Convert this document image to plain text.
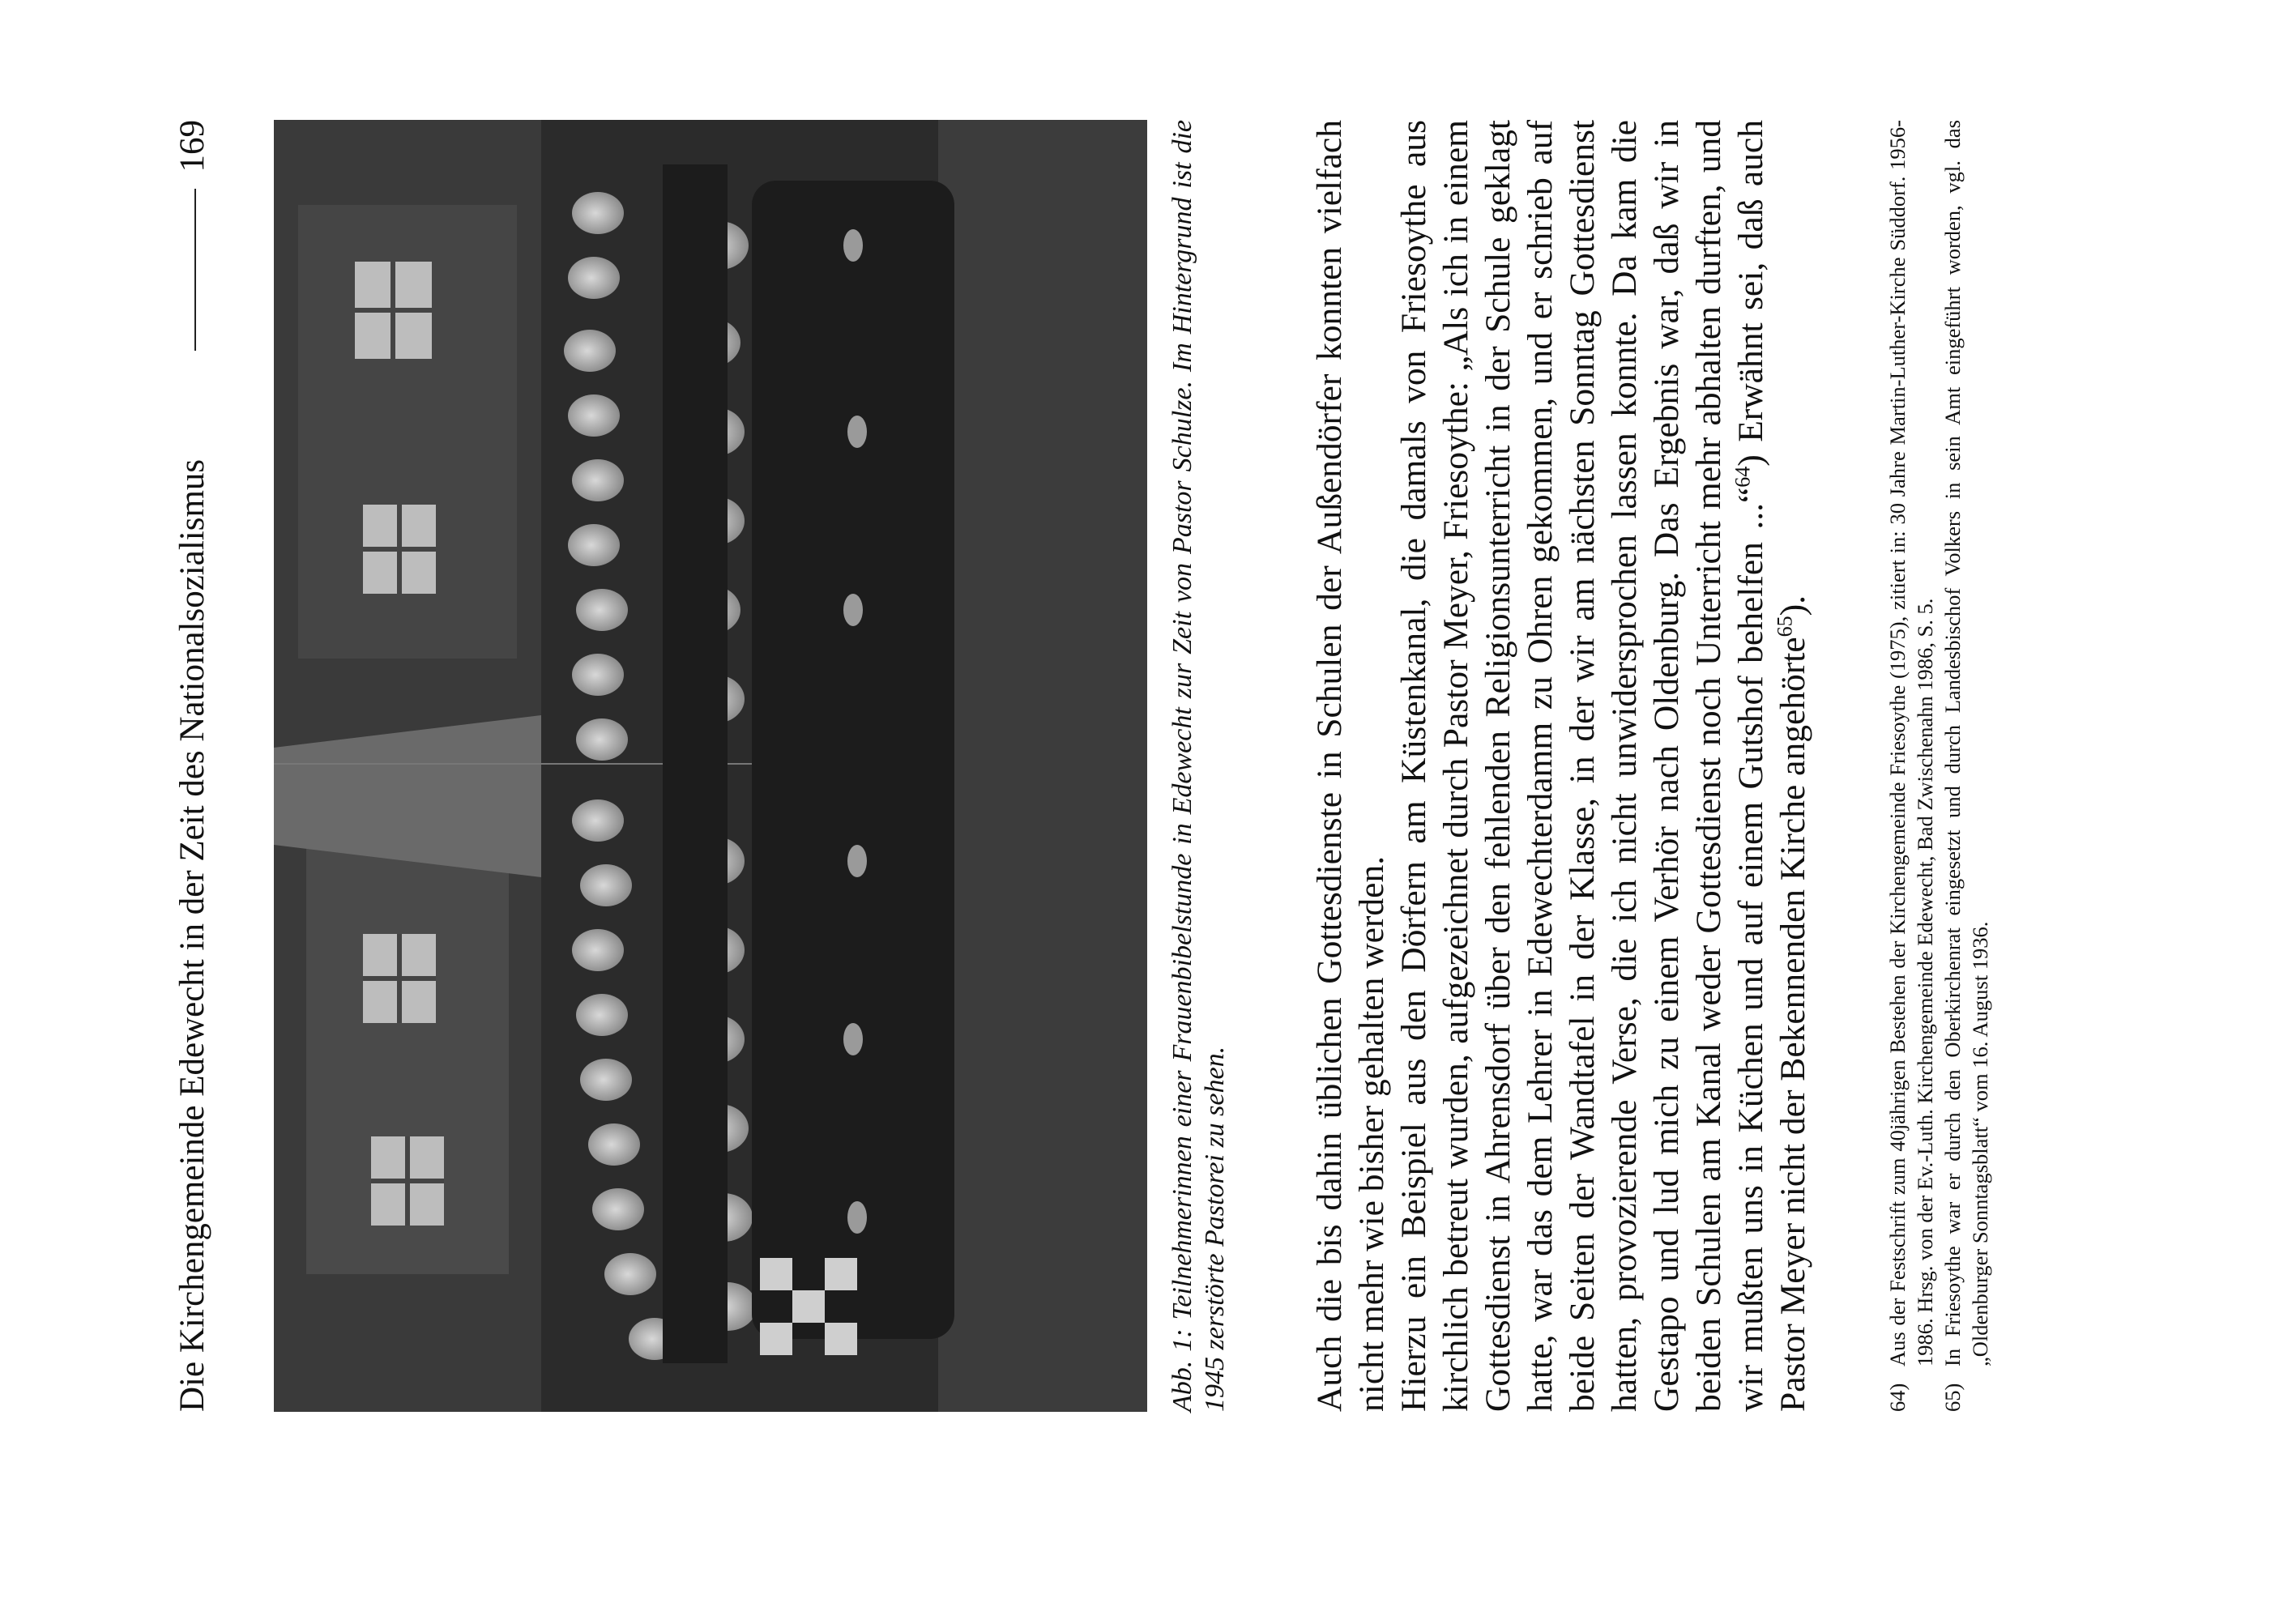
Die Kirchengemeinde Edewecht in der Zeit des Nationalsozialismus
169

Abb. 1: Teilnehmerinnen einer Frauenbibelstunde in Edewecht zur Zeit von Pastor Schulze. Im Hintergrund ist die 1945 zerstörte Pastorei zu sehen. Auch die bis dahin üblichen Gottesdienste in Schulen der Außendörfer konnten vielfach nicht mehr wie bisher gehalten werden. Hierzu ein Beispiel aus den Dörfern am Küstenkanal, die damals von Friesoythe aus kirchlich betreut wurden, aufgezeichnet durch Pastor Meyer, Friesoythe: „Als ich in einem Gottesdienst in Ahrensdorf über den fehlenden Religionsunterricht in der Schule geklagt hatte, war das dem Lehrer in Edewechterdamm zu Ohren gekommen, und er schrieb auf beide Seiten der Wandtafel in der Klasse, in der wir am nächsten Sonntag Gottesdienst hatten, provozierende Verse, die ich nicht unwidersprochen lassen konnte. Da kam die Gestapo und lud mich zu einem Verhör nach Oldenburg. Das Ergebnis war, daß wir in beiden Schulen am Kanal weder Gottesdienst noch Unterricht mehr abhalten durften, und wir mußten uns in Küchen und auf einem Gutshof behelfen ...“$^{64}$) Erwähnt sei, daß auch Pastor Meyer nicht der Bekennenden Kirche angehörte$^{65}$).

64)
Aus der Festschrift zum 40jährigen Bestehen der Kirchengemeinde Friesoythe (1975), zitiert in: 30 Jahre Martin-Luther-Kirche Süddorf. 1956-1986. Hrsg. von der Ev.-Luth. Kirchengemeinde Edewecht, Bad Zwischenahn 1986, S. 5.
65)
In Friesoythe war er durch den Oberkirchenrat eingesetzt und durch Landesbischof Volkers in sein Amt eingeführt worden, vgl. das „Oldenburger Sonntagsblatt“ vom 16. August 1936.
